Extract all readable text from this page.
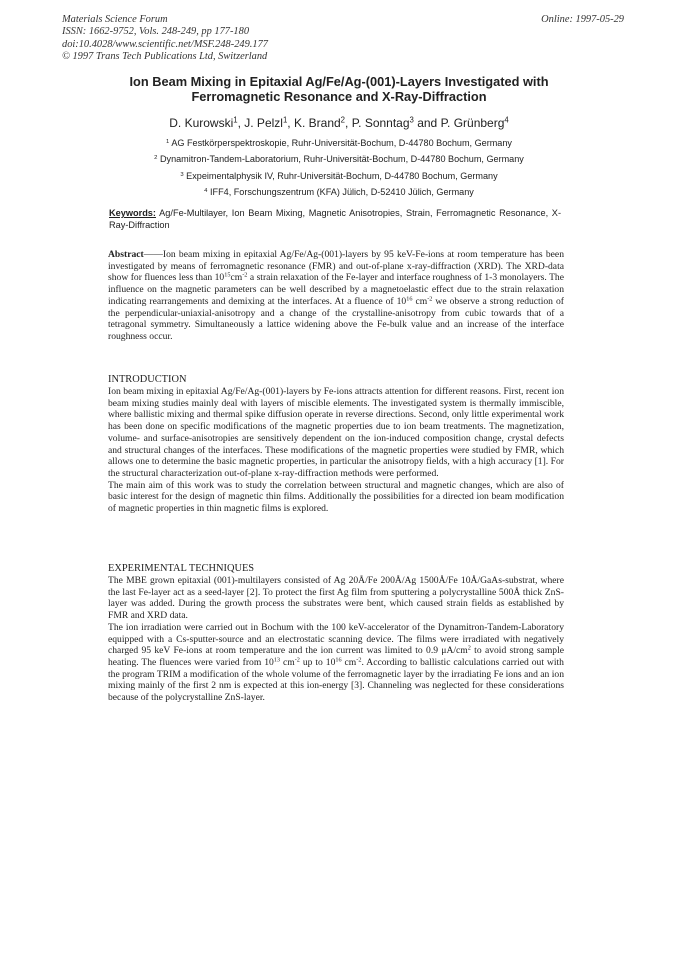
Materials Science Forum
ISSN: 1662-9752, Vols. 248-249, pp 177-180
doi:10.4028/www.scientific.net/MSF.248-249.177
© 1997 Trans Tech Publications Ltd, Switzerland
Online: 1997-05-29
Ion Beam Mixing in Epitaxial Ag/Fe/Ag-(001)-Layers Investigated with
Ferromagnetic Resonance and X-Ray-Diffraction
D. Kurowski$^1$, J. Pelzl$^1$, K. Brand$^2$, P. Sonntag$^3$ and P. Grünberg$^4$
$^1$ AG Festkörperspektroskopie, Ruhr-Universität-Bochum, D-44780 Bochum, Germany
$^2$ Dynamitron-Tandem-Laboratorium, Ruhr-Universität-Bochum, D-44780 Bochum, Germany
$^3$ Expeimentalphysik IV, Ruhr-Universität-Bochum, D-44780 Bochum, Germany
$^4$ IFF4, Forschungszentrum (KFA) Jülich, D-52410 Jülich, Germany
Keywords: Ag/Fe-Multilayer, Ion Beam Mixing, Magnetic Anisotropies, Strain, Ferromagnetic Resonance, X-Ray-Diffraction

Abstract——Ion beam mixing in epitaxial Ag/Fe/Ag-(001)-layers by 95 keV-Fe-ions at room temperature has been investigated by means of ferromagnetic resonance (FMR) and out-of-plane x-ray-diffraction (XRD). The XRD-data show for fluences less than $10^{15}cm^{-2}$ a strain relaxation of the Fe-layer and interface roughness of 1-3 monolayers. The influence on the magnetic parameters can be well described by a magnetoelastic effect due to the strain relaxation indicating rearrangements and demixing at the interfaces. At a fluence of $10^{16}$ $cm^{-2}$ we observe a strong reduction of the perpendicular-uniaxial-anisotropy and a change of the crystalline-anisotropy from cubic towards that of a tetragonal symmetry. Simultaneously a lattice widening above the Fe-bulk value and an increase of the interface roughness occur.

INTRODUCTION

Ion beam mixing in epitaxial Ag/Fe/Ag-(001)-layers by Fe-ions attracts attention for different reasons. First, recent ion beam mixing studies mainly deal with layers of miscible elements. The investigated system is thermally immiscible, where ballistic mixing and thermal spike diffusion operate in reverse directions. Second, only little experimental work has been done on specific modifications of the magnetic properties due to ion beam treatments. The magnetization, volume- and surface-anisotropies are sensitively dependent on the ion-induced composition change, crystal defects and structural changes of the interfaces. These modifications of the magnetic properties were studied by FMR, which allows one to determine the basic magnetic properties, in particular the anisotropy fields, with a high accuracy [1]. For the structural characterization out-of-plane x-ray-diffraction methods were performed.

The main aim of this work was to study the correlation between structural and magnetic changes, which are also of basic interest for the design of magnetic thin films. Additionally the possibilities for a directed ion beam modification of magnetic properties in thin magnetic films is explored.

EXPERIMENTAL TECHNIQUES

The MBE grown epitaxial (001)-multilayers consisted of Ag 20Å/Fe 200Å/Ag 1500Å/Fe 10Å/GaAs-substrat, where the last Fe-layer act as a seed-layer [2]. To protect the first Ag film from sputtering a polycrystalline 500Å thick ZnS-layer was added. During the growth process the substrates were bent, which caused strain fields as established by FMR and XRD data.

The ion irradiation were carried out in Bochum with the 100 keV-accelerator of the Dynamitron-Tandem-Laboratory equipped with a Cs-sputter-source and an electrostatic scanning device. The films were irradiated with negatively charged 95 keV Fe-ions at room temperature and the ion current was limited to 0.9 $\mu A/cm^2$ to avoid strong sample heating. The fluences were varied from $10^{13}$ $cm^{-2}$ up to $10^{16}$ $cm^{-2}$. According to ballistic calculations carried out with the program TRIM a modification of the whole volume of the ferromagnetic layer by the irradiating Fe ions and an ion mixing mainly of the first 2 nm is expected at this ion-energy [3]. Channeling was neglected for these considerations because of the polycrystalline ZnS-layer.
